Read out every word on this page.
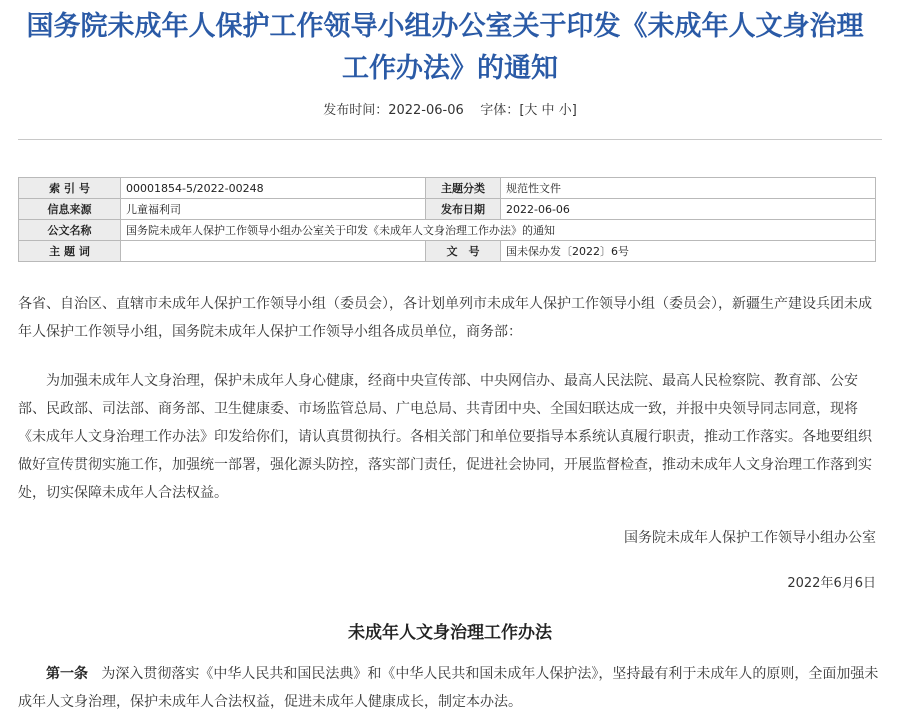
国务院未成年人保护工作领导小组办公室关于印发《未成年人文身治理
工作办法》的通知
发布时间：2022-06-06 字体：[大 中 小]
索 引 号	00001854-5/2022-00248	主题分类	规范性文件
信息来源	儿童福利司	发布日期	2022-06-06
公文名称	国务院未成年人保护工作领导小组办公室关于印发《未成年人文身治理工作办法》的通知		
主 题 词		文　号	国未保办发〔2022〕6号
各省、自治区、直辖市未成年人保护工作领导小组（委员会），各计划单列市未成年人保护工作领导小组（委员会），新疆生产建设兵团未成年人保护工作领导小组，国务院未成年人保护工作领导小组各成员单位，商务部：
为加强未成年人文身治理，保护未成年人身心健康，经商中央宣传部、中央网信办、最高人民法院、最高人民检察院、教育部、公安部、民政部、司法部、商务部、卫生健康委、市场监管总局、广电总局、共青团中央、全国妇联达成一致，并报中央领导同志同意，现将《未成年人文身治理工作办法》印发给你们，请认真贯彻执行。各相关部门和单位要指导本系统认真履行职责，推动工作落实。各地要组织做好宣传贯彻实施工作，加强统一部署，强化源头防控，落实部门责任，促进社会协同，开展监督检查，推动未成年人文身治理工作落到实处，切实保障未成年人合法权益。
国务院未成年人保护工作领导小组办公室
2022年6月6日
未成年人文身治理工作办法
第一条 为深入贯彻落实《中华人民共和国民法典》和《中华人民共和国未成年人保护法》，坚持最有利于未成年人的原则，全面加强未成年人文身治理，保护未成年人合法权益，促进未成年人健康成长，制定本办法。
